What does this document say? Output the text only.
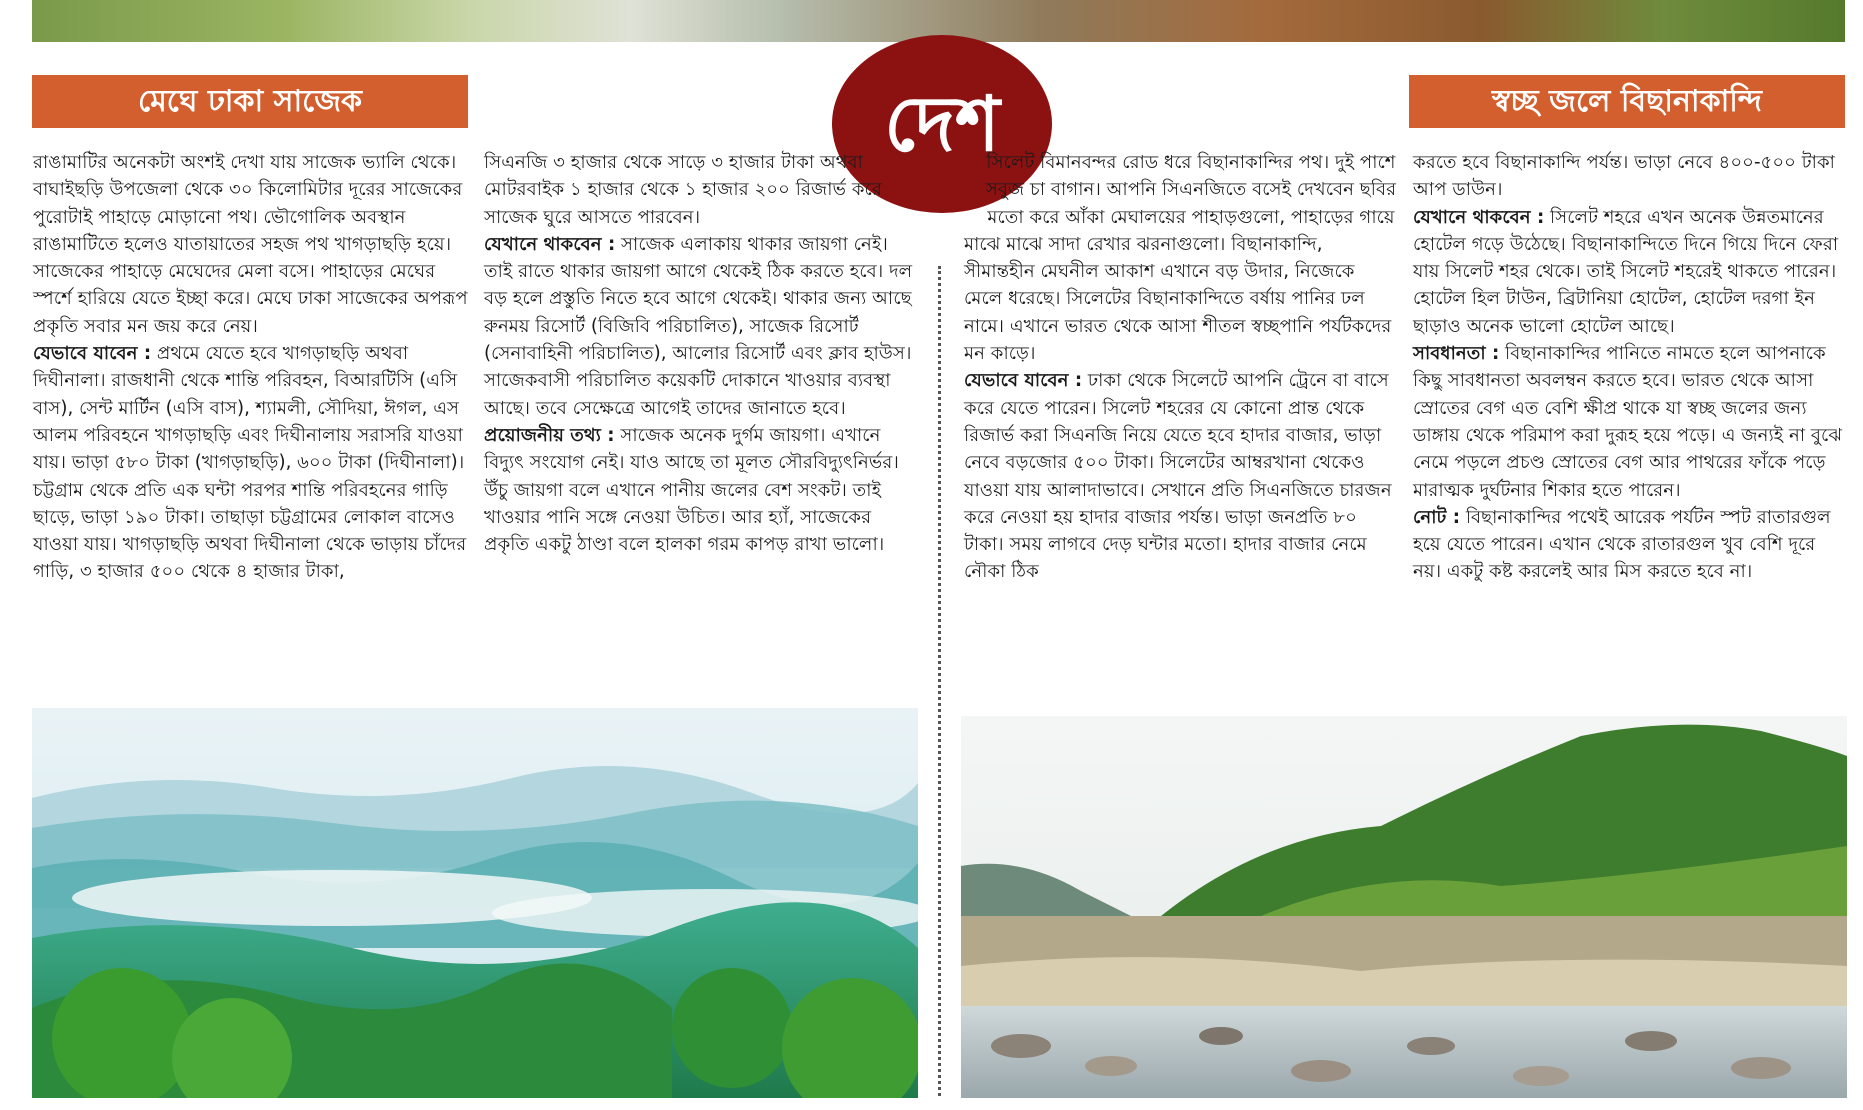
মেঘে ঢাকা সাজেক	স্বচ্ছ জলে বিছানাকান্দি
দেশ

রাঙামাটির অনেকটা অংশই দেখা যায় সাজেক ভ্যালি থেকে। বাঘাইছড়ি উপজেলা থেকে ৩০ কিলোমিটার দূরের সাজেকের পুরোটাই পাহাড়ে মোড়ানো পথ। ভৌগোলিক অবস্থান রাঙামাটিতে হলেও যাতায়াতের সহজ পথ খাগড়াছড়ি হয়ে। সাজেকের পাহাড়ে মেঘেদের মেলা বসে। পাহাড়ের মেঘের স্পর্শে হারিয়ে যেতে ইচ্ছা করে। মেঘে ঢাকা সাজেকের অপরূপ প্রকৃতি সবার মন জয় করে নেয়।

যেভাবে যাবেন : প্রথমে যেতে হবে খাগড়াছড়ি অথবা দিঘীনালা। রাজধানী থেকে শান্তি পরিবহন, বিআরটিসি (এসি বাস), সেন্ট মার্টিন (এসি বাস), শ্যামলী, সৌদিয়া, ঈগল, এস আলম পরিবহনে খাগড়াছড়ি এবং দিঘীনালায় সরাসরি যাওয়া যায়। ভাড়া ৫৮০ টাকা (খাগড়াছড়ি), ৬০০ টাকা (দিঘীনালা)। চট্টগ্রাম থেকে প্রতি এক ঘন্টা পরপর শান্তি পরিবহনের গাড়ি ছাড়ে, ভাড়া ১৯০ টাকা। তাছাড়া চট্টগ্রামের লোকাল বাসেও যাওয়া যায়। খাগড়াছড়ি অথবা দিঘীনালা থেকে ভাড়ায় চাঁদের গাড়ি, ৩ হাজার ৫০০ থেকে ৪ হাজার টাকা,

সিএনজি ৩ হাজার থেকে সাড়ে ৩ হাজার টাকা অথবা মোটরবাইক ১ হাজার থেকে ১ হাজার ২০০ রিজার্ভ করে সাজেক ঘুরে আসতে পারবেন।

যেখানে থাকবেন : সাজেক এলাকায় থাকার জায়গা নেই। তাই রাতে থাকার জায়গা আগে থেকেই ঠিক করতে হবে। দল বড় হলে প্রস্তুতি নিতে হবে আগে থেকেই। থাকার জন্য আছে রুনময় রিসোর্ট (বিজিবি পরিচালিত), সাজেক রিসোর্ট (সেনাবাহিনী পরিচালিত), আলোর রিসোর্ট এবং ক্লাব হাউস। সাজেকবাসী পরিচালিত কয়েকটি দোকানে খাওয়ার ব্যবস্থা আছে। তবে সেক্ষেত্রে আগেই তাদের জানাতে হবে।

প্রয়োজনীয় তথ্য : সাজেক অনেক দুর্গম জায়গা। এখানে বিদ্যুৎ সংযোগ নেই। যাও আছে তা মূলত সৌরবিদ্যুৎনির্ভর। উঁচু জায়গা বলে এখানে পানীয় জলের বেশ সংকট। তাই খাওয়ার পানি সঙ্গে নেওয়া উচিত। আর হ্যাঁ, সাজেকের প্রকৃতি একটু ঠাণ্ডা বলে হালকা গরম কাপড় রাখা ভালো।

সিলেট বিমানবন্দর রোড ধরে বিছানাকান্দির পথ। দুই পাশে সবুজ চা বাগান। আপনি সিএনজিতে বসেই দেখবেন ছবির মতো করে আঁকা মেঘালয়ের পাহাড়গুলো, পাহাড়ের গায়ে

মাঝে মাঝে সাদা রেখার ঝরনাগুলো। বিছানাকান্দি, সীমান্তহীন মেঘনীল আকাশ এখানে বড় উদার, নিজেকে মেলে ধরেছে। সিলেটের বিছানাকান্দিতে বর্ষায় পানির ঢল নামে। এখানে ভারত থেকে আসা শীতল স্বচ্ছপানি পর্যটকদের মন কাড়ে।

যেভাবে যাবেন : ঢাকা থেকে সিলেটে আপনি ট্রেনে বা বাসে করে যেতে পারেন। সিলেট শহরের যে কোনো প্রান্ত থেকে রিজার্ভ করা সিএনজি নিয়ে যেতে হবে হাদার বাজার, ভাড়া নেবে বড়জোর ৫০০ টাকা। সিলেটের আম্বরখানা থেকেও যাওয়া যায় আলাদাভাবে। সেখানে প্রতি সিএনজিতে চারজন করে নেওয়া হয় হাদার বাজার পর্যন্ত। ভাড়া জনপ্রতি ৮০ টাকা। সময় লাগবে দেড় ঘন্টার মতো। হাদার বাজার নেমে নৌকা ঠিক

করতে হবে বিছানাকান্দি পর্যন্ত। ভাড়া নেবে ৪০০-৫০০ টাকা আপ ডাউন।

যেখানে থাকবেন : সিলেট শহরে এখন অনেক উন্নতমানের হোটেল গড়ে উঠেছে। বিছানাকান্দিতে দিনে গিয়ে দিনে ফেরা যায় সিলেট শহর থেকে। তাই সিলেট শহরেই থাকতে পারেন। হোটেল হিল টাউন, ব্রিটানিয়া হোটেল, হোটেল দরগা ইন ছাড়াও অনেক ভালো হোটেল আছে।

সাবধানতা : বিছানাকান্দির পানিতে নামতে হলে আপনাকে কিছু সাবধানতা অবলম্বন করতে হবে। ভারত থেকে আসা স্রোতের বেগ এত বেশি ক্ষীপ্র থাকে যা স্বচ্ছ জলের জন্য ডাঙ্গায় থেকে পরিমাপ করা দুরূহ হয়ে পড়ে। এ জন্যই না বুঝে নেমে পড়লে প্রচণ্ড স্রোতের বেগ আর পাথরের ফাঁকে পড়ে মারাত্মক দুর্ঘটনার শিকার হতে পারেন।

নোট : বিছানাকান্দির পথেই আরেক পর্যটন স্পট রাতারগুল হয়ে যেতে পারেন। এখান থেকে রাতারগুল খুব বেশি দূরে নয়। একটু কষ্ট করলেই আর মিস করতে হবে না।
